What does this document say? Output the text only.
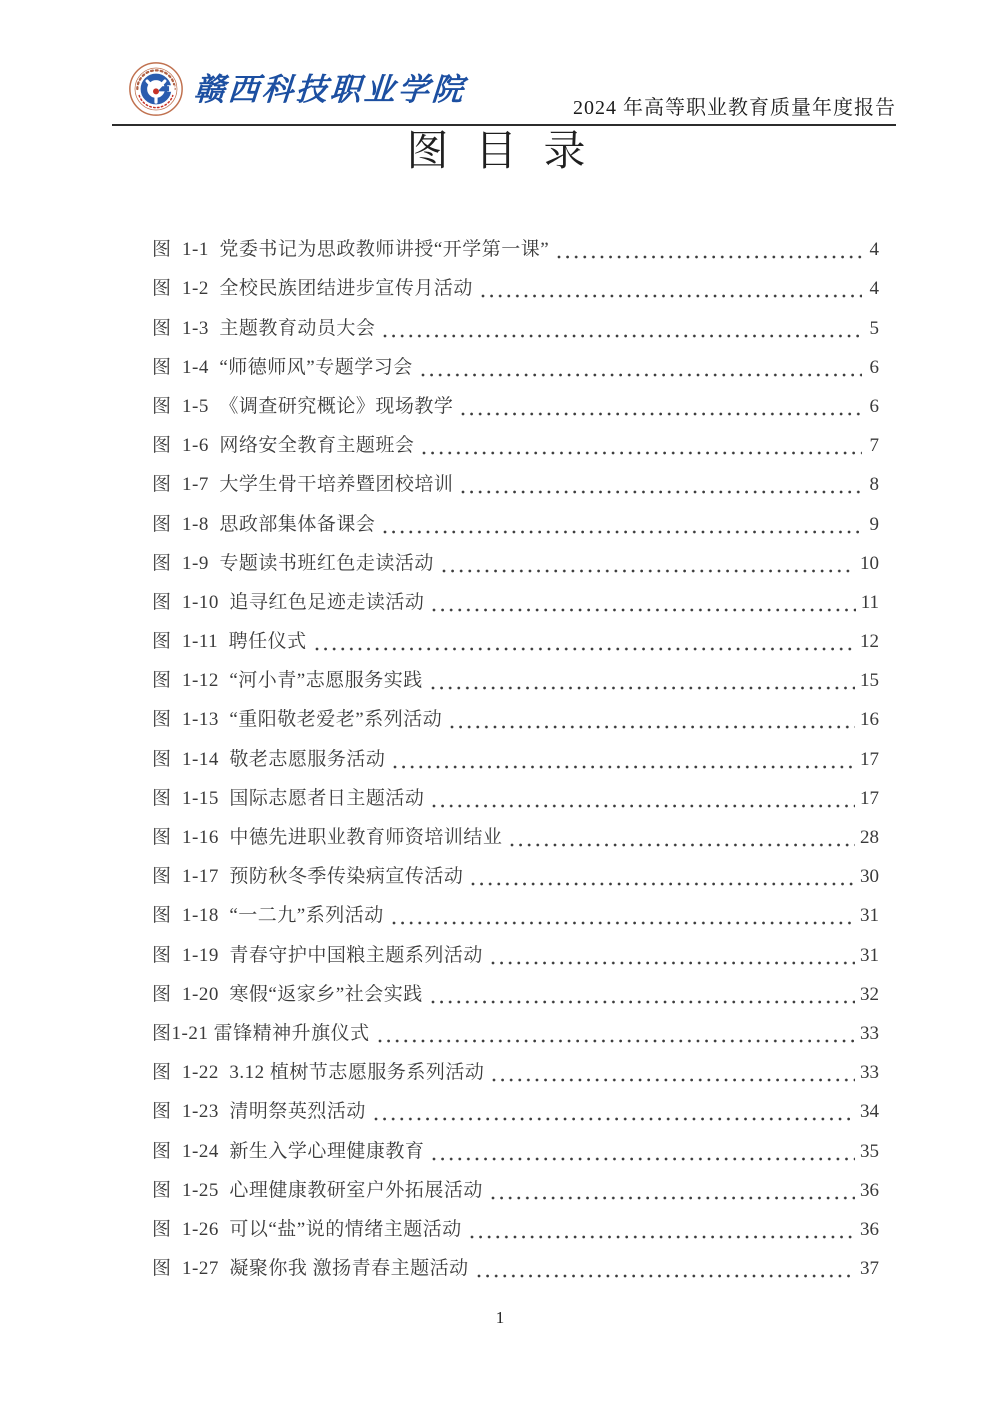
赣西科技职业学院
2024 年高等职业教育质量年度报告
图 目 录
图  1-1  党委书记为思政教师讲授“开学第一课”	4
图  1-2  全校民族团结进步宣传月活动	4
图  1-3  主题教育动员大会	5
图  1-4  “师德师风”专题学习会	6
图  1-5  《调查研究概论》现场教学	6
图  1-6  网络安全教育主题班会	7
图  1-7  大学生骨干培养暨团校培训	8
图  1-8  思政部集体备课会	9
图  1-9  专题读书班红色走读活动	10
图  1-10  追寻红色足迹走读活动	11
图  1-11  聘任仪式	12
图  1-12  “河小青”志愿服务实践	15
图  1-13  “重阳敬老爱老”系列活动	16
图  1-14  敬老志愿服务活动	17
图  1-15  国际志愿者日主题活动	17
图  1-16  中德先进职业教育师资培训结业	28
图  1-17  预防秋冬季传染病宣传活动	30
图  1-18  “一二九”系列活动	31
图  1-19  青春守护中国粮主题系列活动	31
图  1-20  寒假“返家乡”社会实践	32
图1-21 雷锋精神升旗仪式	33
图  1-22  3.12 植树节志愿服务系列活动	33
图  1-23  清明祭英烈活动	34
图  1-24  新生入学心理健康教育	35
图  1-25  心理健康教研室户外拓展活动	36
图  1-26  可以“盐”说的情绪主题活动	36
图  1-27  凝聚你我 激扬青春主题活动	37
1
